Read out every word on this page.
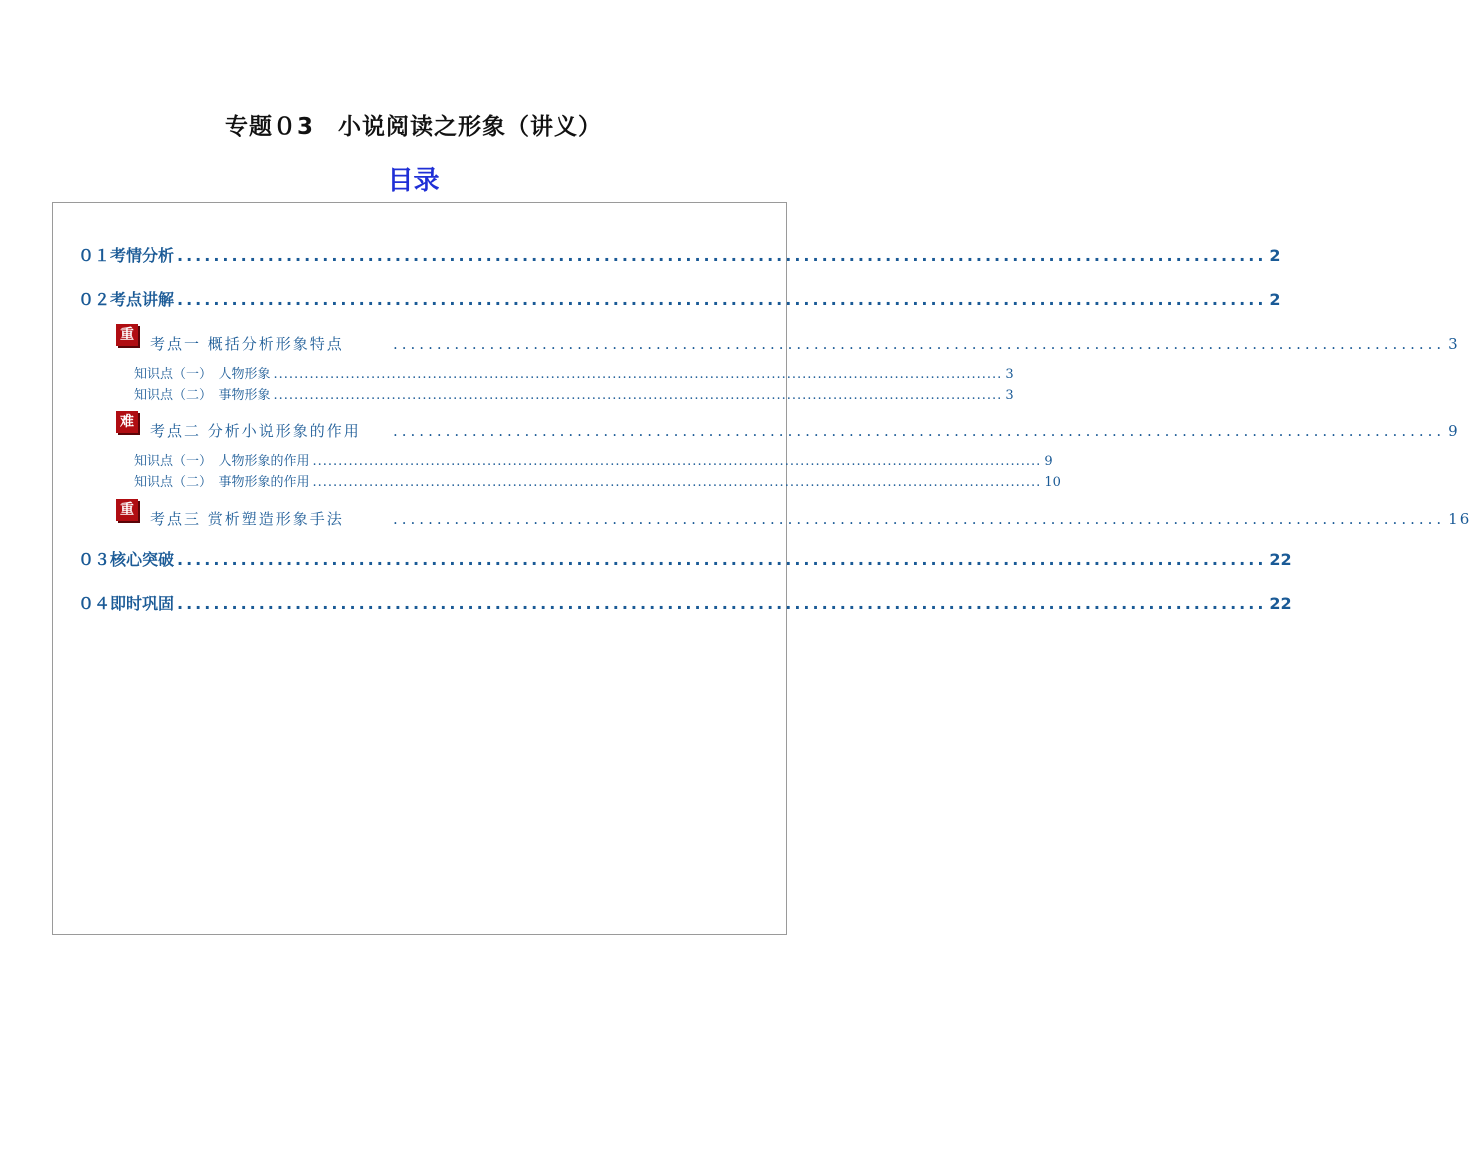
专题０3　小说阅读之形象（讲义）
目录
０１考情分析 ........................................................................................................................ 2
０２考点讲解 ........................................................................................................................ 2
重 考点一 概括分析形象特点	........................................................................................................................ 3
知识点（一）　人物形象 .............................................................................................................................................. 3
知识点（二）　事物形象 .............................................................................................................................................. 3
难 考点二 分析小说形象的作用	........................................................................................................................ 9
知识点（一）　人物形象的作用 .............................................................................................................................................. 9
知识点（二）　事物形象的作用 .............................................................................................................................................. 10
重 考点三 赏析塑造形象手法	........................................................................................................................ 16
０３核心突破 ........................................................................................................................ 22
０４即时巩固 ........................................................................................................................ 22
